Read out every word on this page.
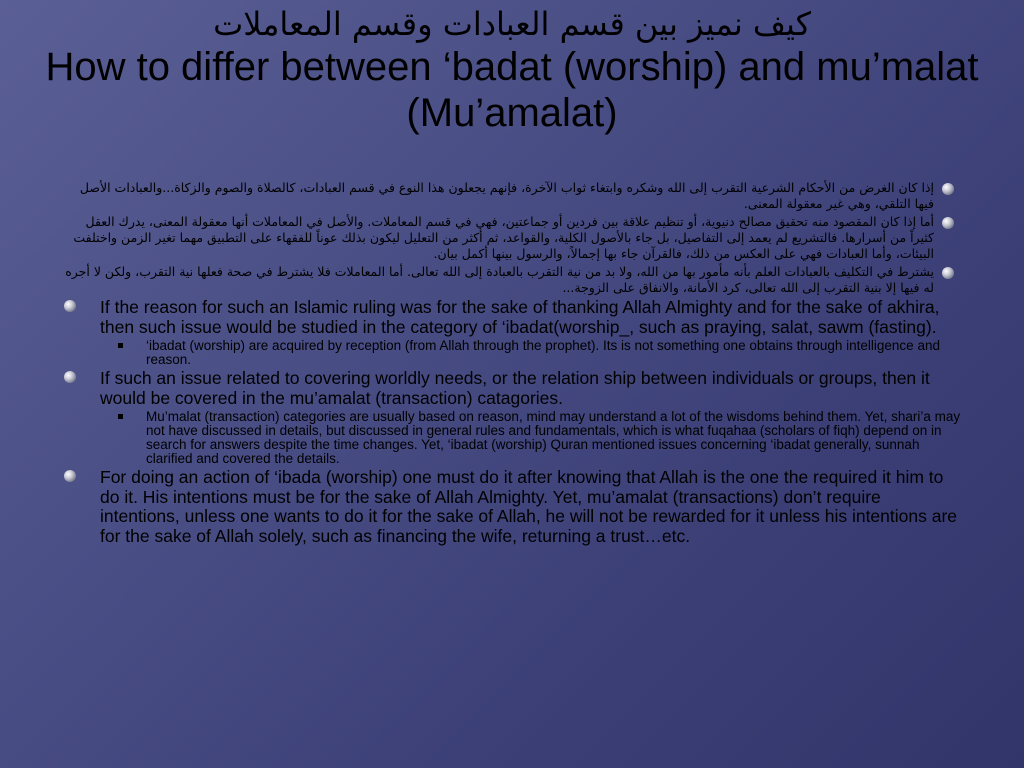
كيف نميز بين قسم العبادات وقسم المعاملات
How to differ between ‘badat (worship) and mu’malat (Mu’amalat)
إذا كان الغرض من الأحكام الشرعية التقرب إلى الله وشكره وابتغاء ثواب الآخرة، فإنهم يجعلون هذا النوع في قسم العبادات، كالصلاة والصوم والزكاة...والعبادات الأصل فيها التلقي، وهي غير معقولة المعنى.
أما إذا كان المقصود منه تحقيق مصالح دنيوية، أو تنظيم علاقة بين فردين أو جماعتين، فهي في قسم المعاملات. والأصل في المعاملات أنها معقولة المعنى، يدرك العقل كثيراً من أسرارها. فالتشريع لم يعمد إلى التفاصيل، بل جاء بالأصول الكلية، والقواعد، ثم أكثر من التعليل ليكون بذلك عوناً للفقهاء على التطبيق مهما تغير الزمن واختلفت البيئات، وأما العبادات فهي على العكس من ذلك، فالقرآن جاء بها إجمالاً، والرسول بينها أكمل بيان.
يشترط في التكليف بالعبادات العلم بأنه مأمور بها من الله، ولا بد من نية التقرب بالعبادة إلى الله تعالى. أما المعاملات فلا يشترط في صحة فعلها نية التقرب، ولكن لا أجره له فيها إلا بنية التقرب إلى الله تعالى، كرد الأمانة، والانفاق على الزوجة...
If the reason for such an Islamic ruling was for the sake of thanking Allah Almighty and for the sake of akhira, then such issue would be studied in the category of ‘ibadat(worship_, such as praying, salat, sawm (fasting).
‘ibadat (worship) are acquired by reception (from Allah through the prophet). Its is not something one obtains through intelligence and reason.
If such an issue related to covering worldly needs, or the relation ship between individuals or groups, then it would be covered in the mu’amalat (transaction) catagories.
Mu’malat (transaction) categories are usually based on reason, mind may understand a lot of the wisdoms behind them. Yet, shari’a may not have discussed in details, but discussed in general rules and fundamentals, which is what fuqahaa (scholars of fiqh) depend on in search for answers despite the time changes. Yet, ‘ibadat (worship) Quran mentioned issues concerning ‘ibadat generally, sunnah clarified and covered the details.
For doing an action of ‘ibada (worship) one must do it after knowing that Allah is the one the required it him to do it. His intentions must be for the sake of Allah Almighty. Yet, mu’amalat (transactions) don’t require intentions, unless one wants to do it for the sake of Allah, he will not be rewarded for it unless his intentions are for the sake of Allah solely, such as financing the wife, returning a trust…etc.
